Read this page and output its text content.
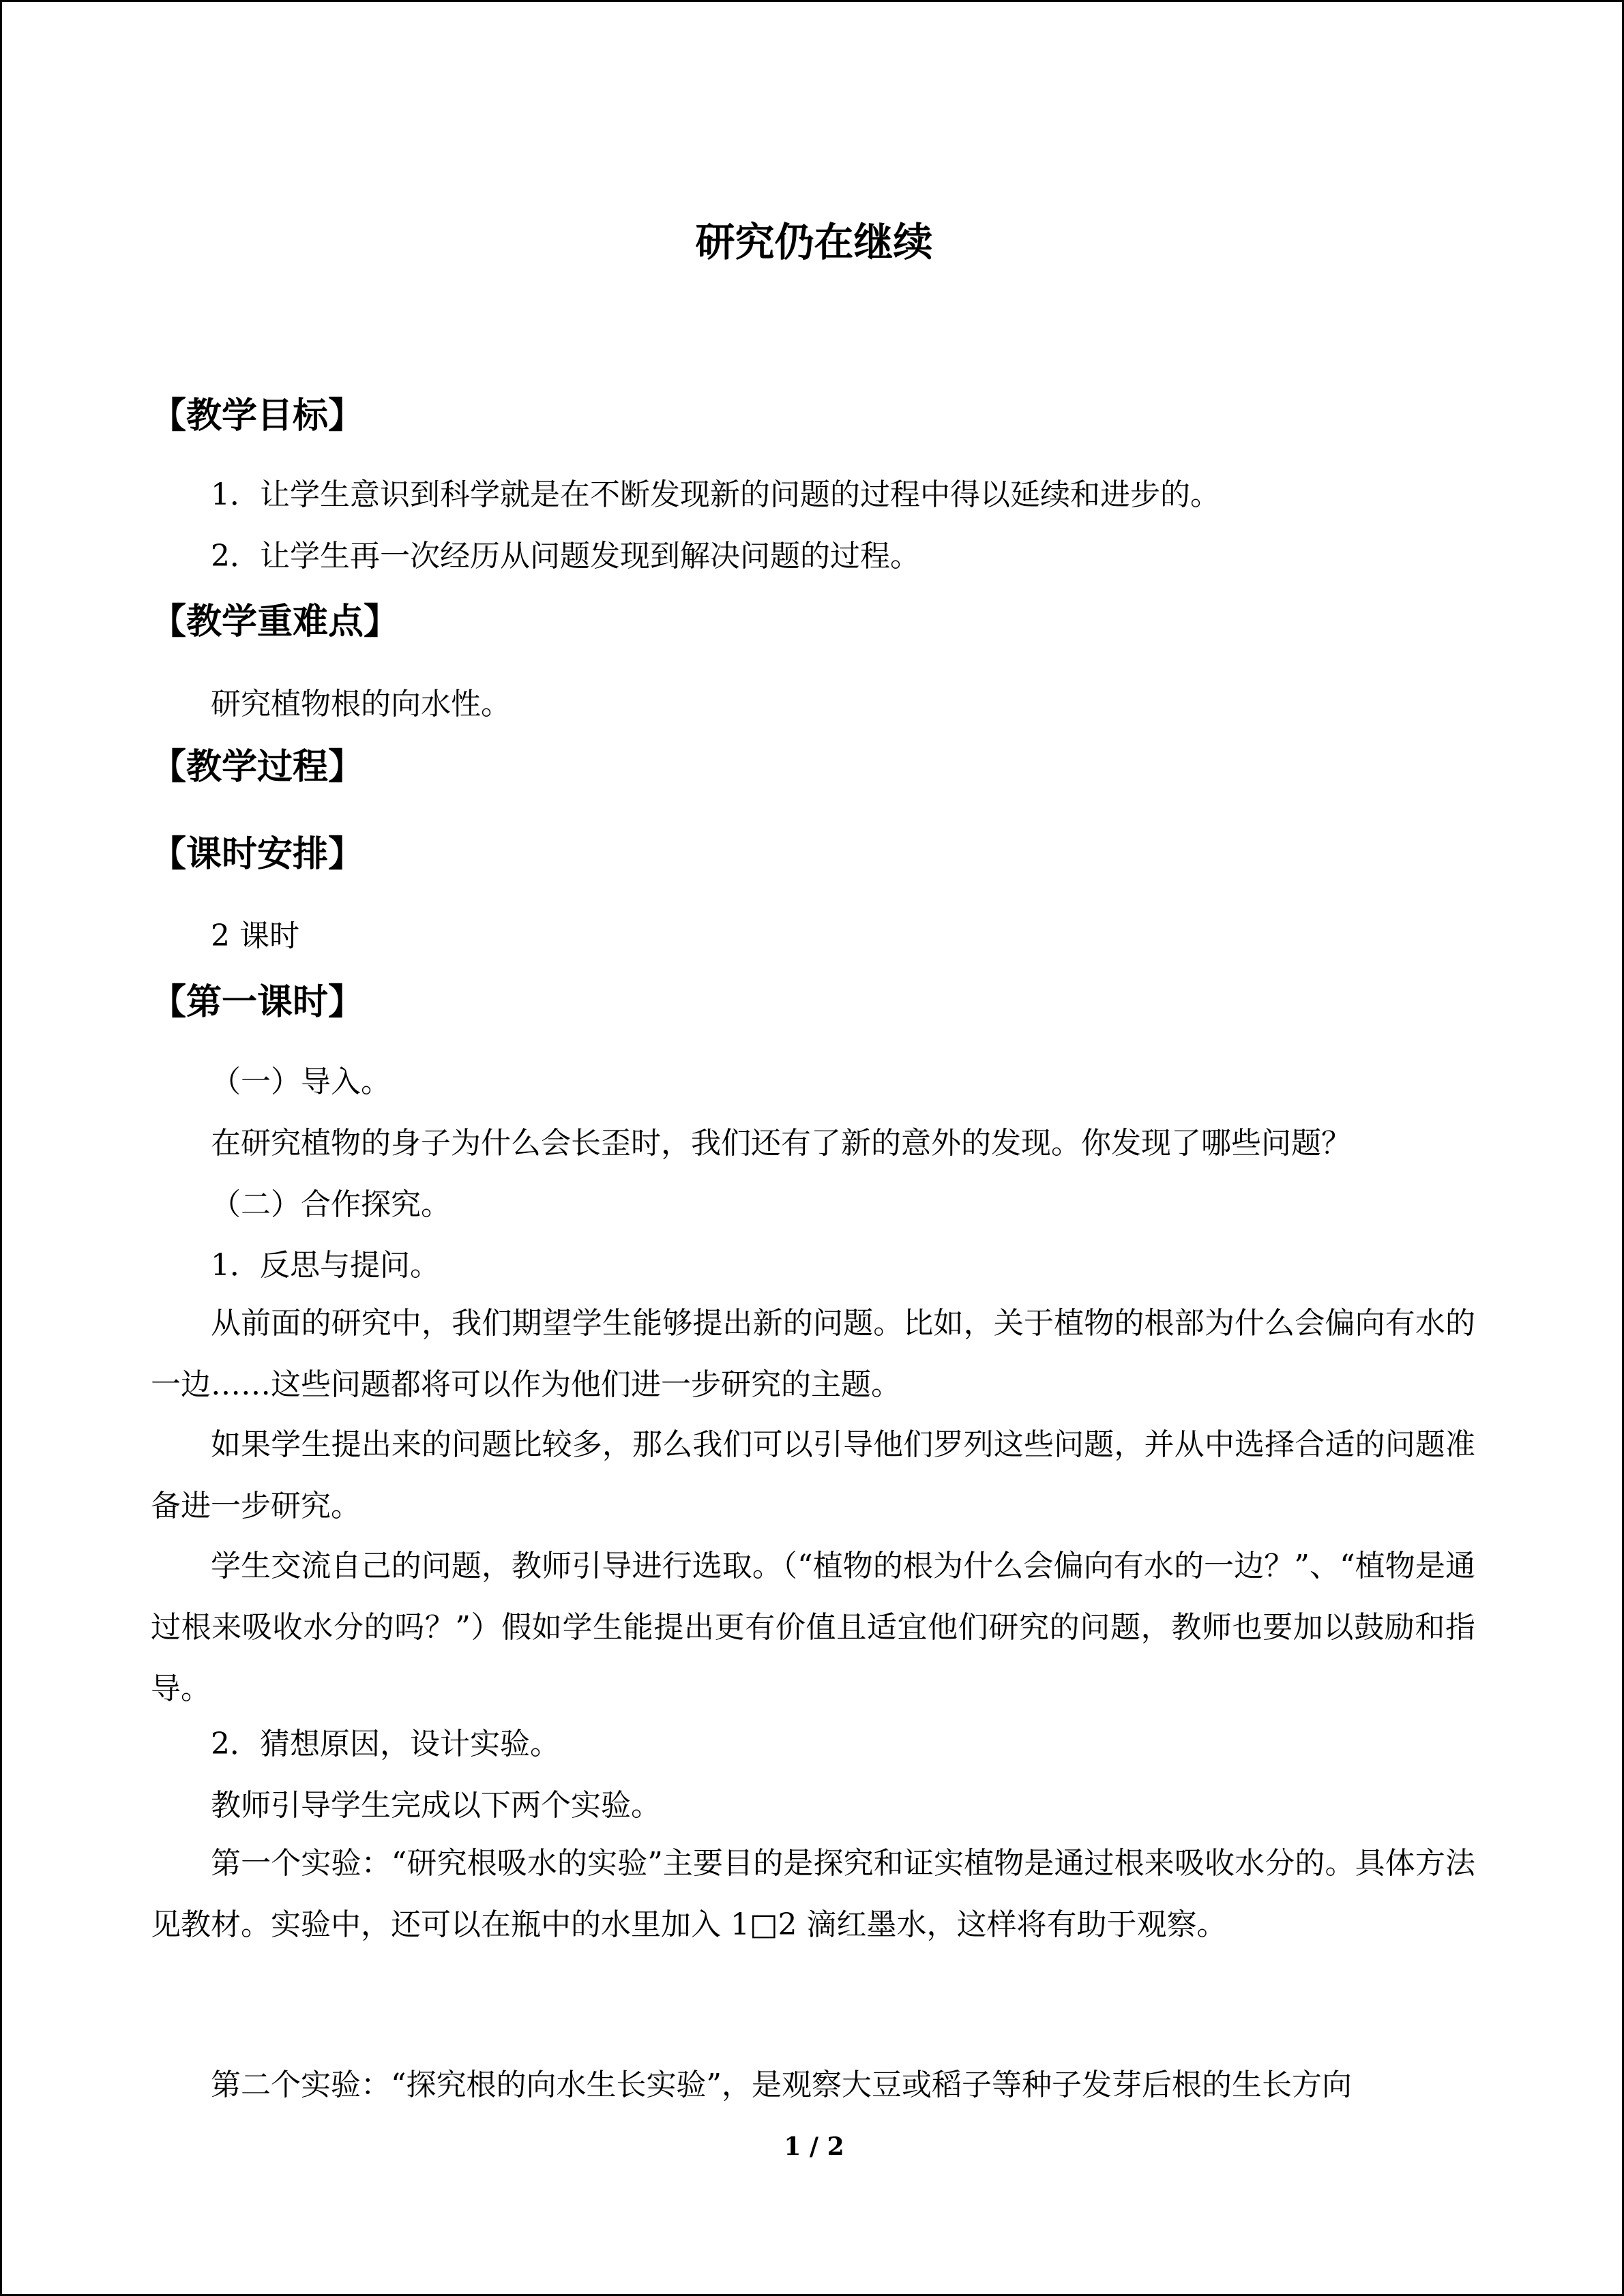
研究仍在继续
【教学目标】
1．让学生意识到科学就是在不断发现新的问题的过程中得以延续和进步的。
2．让学生再一次经历从问题发现到解决问题的过程。
【教学重难点】
研究植物根的向水性。
【教学过程】
【课时安排】
2 课时
【第一课时】
（一）导入。
在研究植物的身子为什么会长歪时，我们还有了新的意外的发现。你发现了哪些问题？
（二）合作探究。
1．反思与提问。

从前面的研究中，我们期望学生能够提出新的问题。比如，关于植物的根部为什么会偏向有水的一边……这些问题都将可以作为他们进一步研究的主题。

如果学生提出来的问题比较多，那么我们可以引导他们罗列这些问题，并从中选择合适的问题准备进一步研究。

学生交流自己的问题，教师引导进行选取。（“植物的根为什么会偏向有水的一边？”、“植物是通过根来吸收水分的吗？”）假如学生能提出更有价值且适宜他们研究的问题，教师也要加以鼓励和指导。

2．猜想原因，设计实验。
教师引导学生完成以下两个实验。

第一个实验：“研究根吸水的实验”主要目的是探究和证实植物是通过根来吸收水分的。具体方法见教材。实验中，还可以在瓶中的水里加入 1□2 滴红墨水，这样将有助于观察。

第二个实验：“探究根的向水生长实验”，是观察大豆或稻子等种子发芽后根的生长方向
1 / 2
